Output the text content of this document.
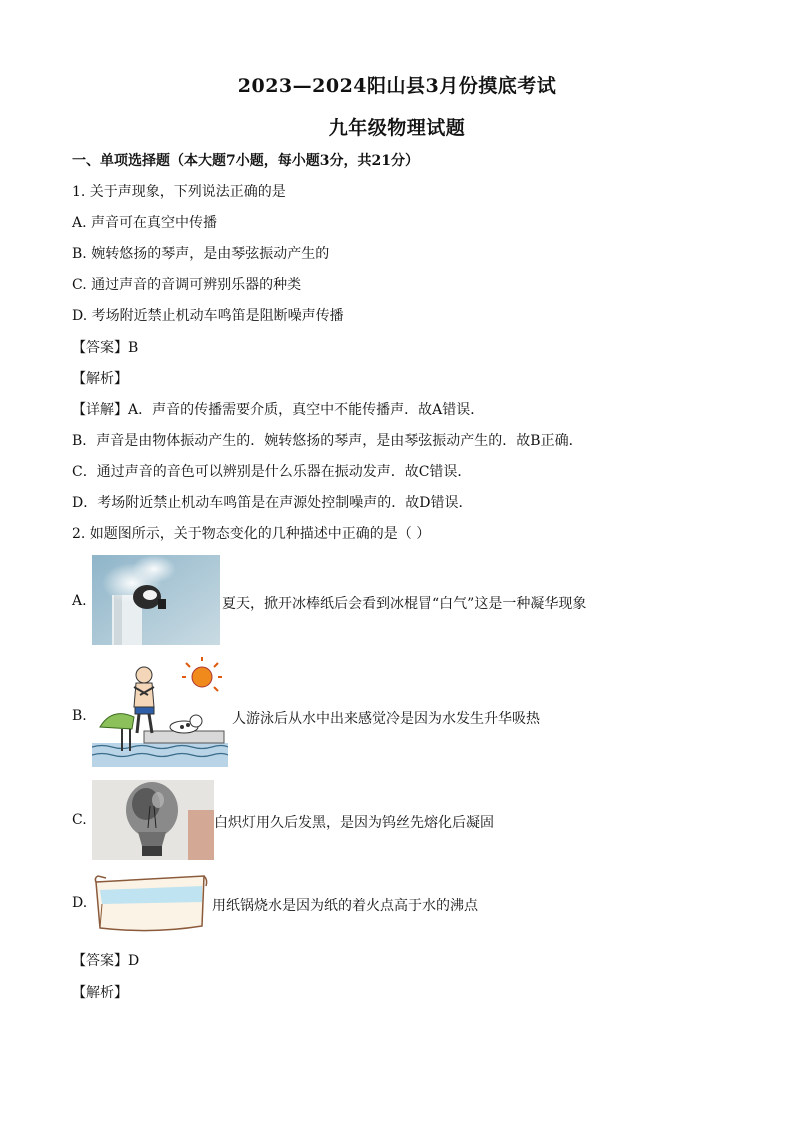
2023—2024阳山县3月份摸底考试
九年级物理试题
一、单项选择题（本大题7小题，每小题3分，共21分）
1. 关于声现象，下列说法正确的是
A. 声音可在真空中传播
B. 婉转悠扬的琴声，是由琴弦振动产生的
C. 通过声音的音调可辨别乐器的种类
D. 考场附近禁止机动车鸣笛是阻断噪声传播
【答案】B
【解析】
【详解】A．声音的传播需要介质，真空中不能传播声．故A错误．
B．声音是由物体振动产生的．婉转悠扬的琴声，是由琴弦振动产生的．故B正确．
C．通过声音的音色可以辨别是什么乐器在振动发声．故C错误．
D．考场附近禁止机动车鸣笛是在声源处控制噪声的．故D错误．
2. 如题图所示，关于物态变化的几种描述中正确的是（ ）
A.	夏天，掀开冰棒纸后会看到冰棍冒“白气”这是一种凝华现象
B.	人游泳后从水中出来感觉冷是因为水发生升华吸热
C.	白炽灯用久后发黑，是因为钨丝先熔化后凝固
D.	用纸锅烧水是因为纸的着火点高于水的沸点
【答案】D
【解析】
